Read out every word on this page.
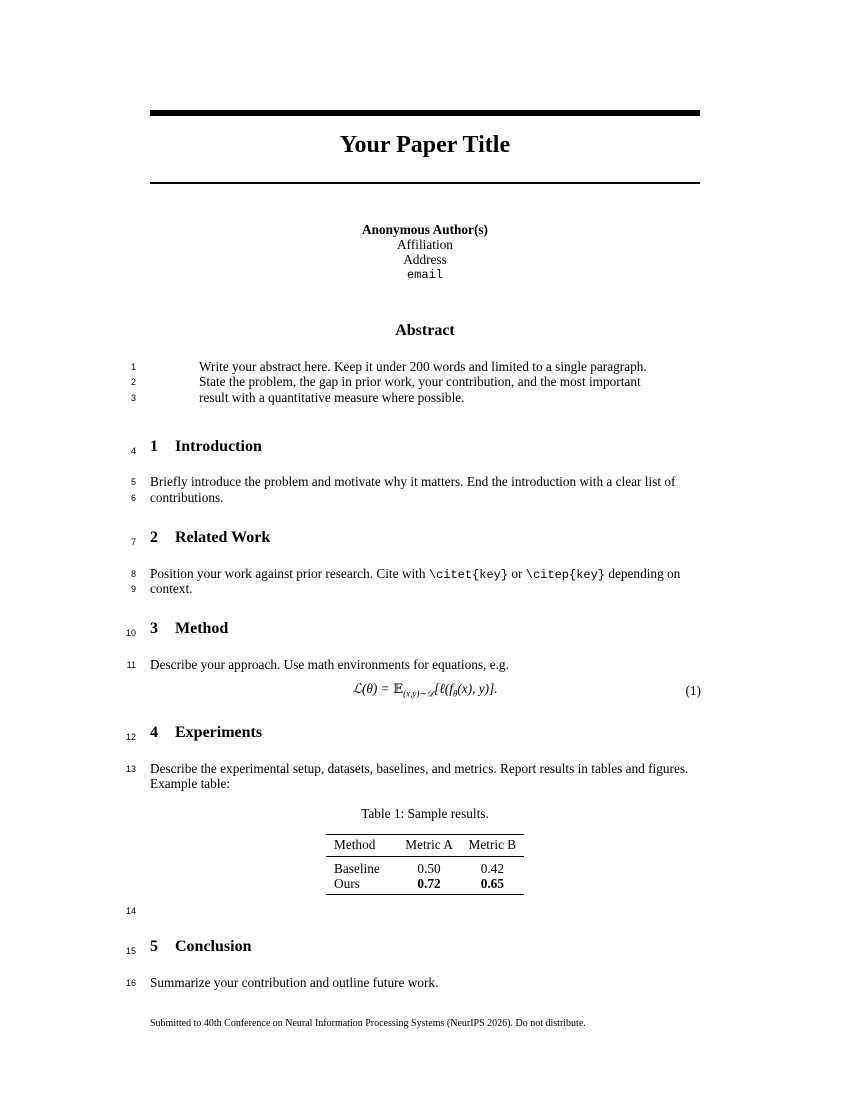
Your Paper Title
Anonymous Author(s)
Affiliation
Address
email
Abstract
1	Write your abstract here. Keep it under 200 words and limited to a single paragraph.
2	State the problem, the gap in prior work, your contribution, and the most important
3	result with a quantitative measure where possible.
4 1 Introduction
5 Briefly introduce the problem and motivate why it matters. End the introduction with a clear list of
6 contributions.
7 2 Related Work
8 Position your work against prior research. Cite with \citet{key} or \citep{key} depending on
9 context.
10 3 Method
11 Describe your approach. Use math environments for equations, e.g.
ℒ(θ) = $𝔼_{(x,y)\sim 𝒟}[\ell(f_\theta(x)$, y)].	(1)
12 4 Experiments
13 Describe the experimental setup, datasets, baselines, and metrics. Report results in tables and figures.
Example table:
Table 1: Sample results.
Method	Metric A	Metric B
Baseline	0.50	0.42
Ours	0.72	0.65
14
15 5 Conclusion
16 Summarize your contribution and outline future work.
Submitted to 40th Conference on Neural Information Processing Systems (NeurIPS 2026). Do not distribute.
